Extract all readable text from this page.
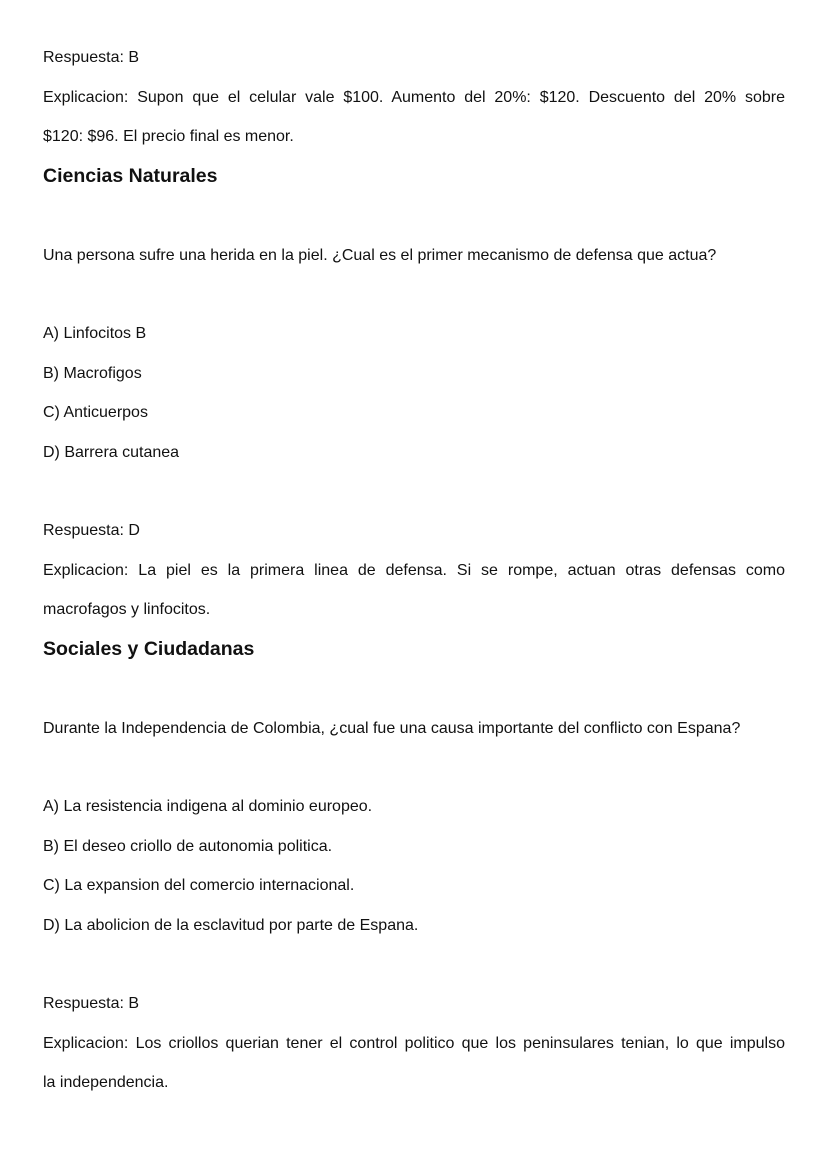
Respuesta: B
Explicacion: Supon que el celular vale $100. Aumento del 20%: $120. Descuento del 20% sobre
$120: $96. El precio final es menor.
Ciencias Naturales
Una persona sufre una herida en la piel. ¿Cual es el primer mecanismo de defensa que actua?
A) Linfocitos B
B) Macrofigos
C) Anticuerpos
D) Barrera cutanea
Respuesta: D
Explicacion: La piel es la primera linea de defensa. Si se rompe, actuan otras defensas como
macrofagos y linfocitos.
Sociales y Ciudadanas
Durante la Independencia de Colombia, ¿cual fue una causa importante del conflicto con Espana?
A) La resistencia indigena al dominio europeo.
B) El deseo criollo de autonomia politica.
C) La expansion del comercio internacional.
D) La abolicion de la esclavitud por parte de Espana.
Respuesta: B
Explicacion: Los criollos querian tener el control politico que los peninsulares tenian, lo que impulso
la independencia.
